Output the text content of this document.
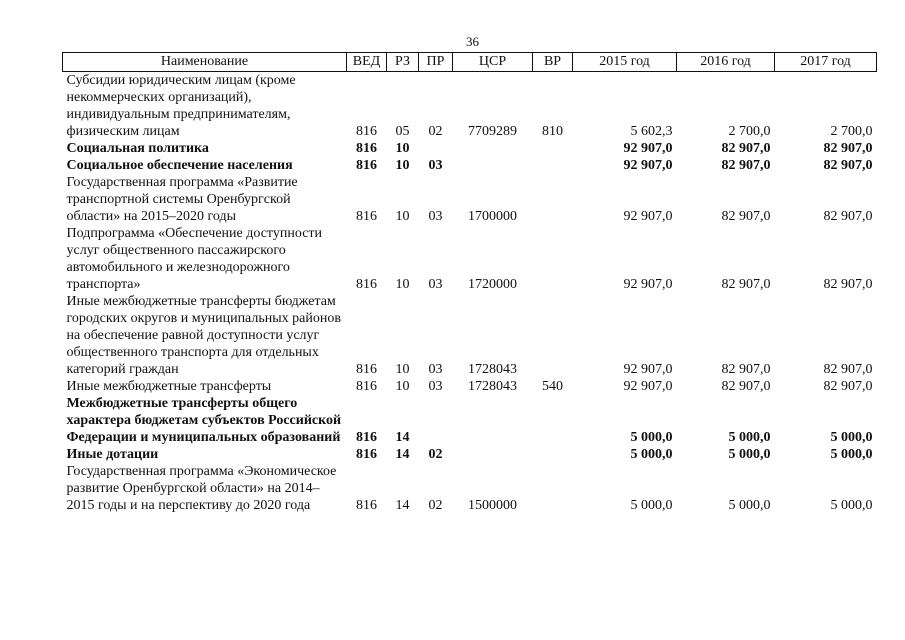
36
Наименование	ВЕД	РЗ	ПР	ЦСР	ВР	2015 год	2016 год	2017 год
Субсидии юридическим лицам (кроме некоммерческих организаций), индивидуальным предпринимателям, физическим лицам	816	05	02	7709289	810	5 602,3	2 700,0	2 700,0
Социальная политика	816	10				92 907,0	82 907,0	82 907,0
Социальное обеспечение населения	816	10	03			92 907,0	82 907,0	82 907,0
Государственная программа «Развитие транспортной системы Оренбургской области» на 2015–2020 годы	816	10	03	1700000		92 907,0	82 907,0	82 907,0
Подпрограмма «Обеспечение доступности услуг общественного пассажирского автомобильного и железнодорожного транспорта»	816	10	03	1720000		92 907,0	82 907,0	82 907,0
Иные межбюджетные трансферты бюджетам городских округов и муниципальных районов на обеспечение равной доступности услуг общественного транспорта для отдельных категорий граждан	816	10	03	1728043		92 907,0	82 907,0	82 907,0
Иные межбюджетные трансферты	816	10	03	1728043	540	92 907,0	82 907,0	82 907,0
Межбюджетные трансферты общего характера бюджетам субъектов Российской Федерации и муниципальных образований	816	14				5 000,0	5 000,0	5 000,0
Иные дотации	816	14	02			5 000,0	5 000,0	5 000,0
Государственная программа «Экономическое развитие Оренбургской области» на 2014–2015 годы и на перспективу до 2020 года	816	14	02	1500000		5 000,0	5 000,0	5 000,0
